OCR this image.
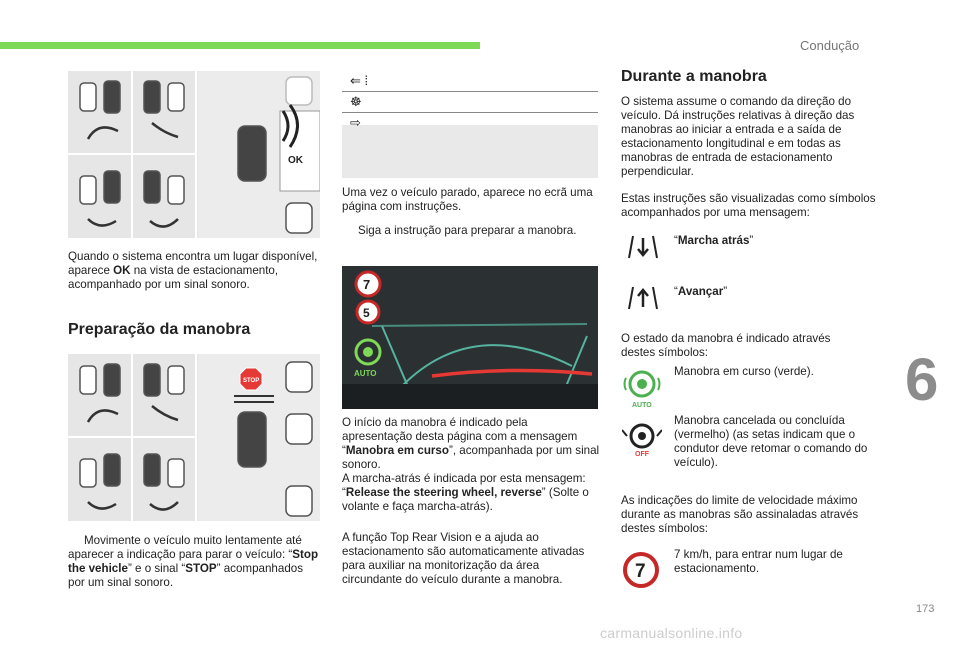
Condução
OK
Quando o sistema encontra um lugar disponível, aparece OK na vista de estacionamento, acompanhado por um sinal sonoro.
Preparação da manobra
STOP
Movimente o veículo muito lentamente até aparecer a indicação para parar o veículo: “Stop the vehicle” e o sinal “STOP” acompanhados por um sinal sonoro.
⇐ ⁞
☸
⇨
Uma vez o veículo parado, aparece no ecrã uma página com instruções.
Siga a instrução para preparar a manobra.
7
5
AUTO
O início da manobra é indicado pela apresentação desta página com a mensagem “Manobra em curso”, acompanhada por um sinal sonoro.
A marcha-atrás é indicada por esta mensagem: “Release the steering wheel, reverse” (Solte o volante e faça marcha-atrás).
A função Top Rear Vision e a ajuda ao estacionamento são automaticamente ativadas para auxiliar na monitorização da área circundante do veículo durante a manobra.
Durante a manobra
O sistema assume o comando da direção do veículo. Dá instruções relativas à direção das manobras ao iniciar a entrada e a saída de estacionamento longitudinal e em todas as manobras de entrada de estacionamento perpendicular.
Estas instruções são visualizadas como símbolos acompanhados por uma mensagem:
“Marcha atrás”
“Avançar”
O estado da manobra é indicado através destes símbolos:
AUTO
Manobra em curso (verde).
OFF
Manobra cancelada ou concluída (vermelho) (as setas indicam que o condutor deve retomar o comando do veículo).
As indicações do limite de velocidade máximo durante as manobras são assinaladas através destes símbolos:
7
7 km/h, para entrar num lugar de estacionamento.
6
173
carmanualsonline.info
